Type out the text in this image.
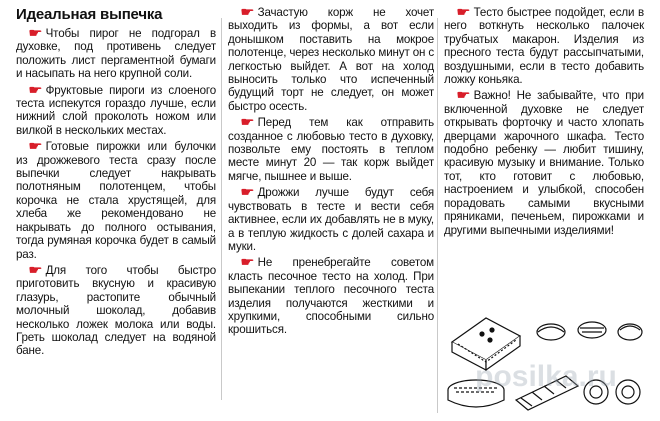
Идеальная выпечка

☛ Чтобы пирог не подгорал в духовке, под противень следует положить лист пергаментной бумаги и насыпать на него крупной соли.

☛ Фруктовые пироги из слоеного теста испекутся гораздо лучше, если нижний слой проколоть ножом или вилкой в нескольких местах.

☛ Готовые пирожки или булочки из дрожжевого теста сразу после выпечки следует накрывать полотняным полотенцем, чтобы корочка не стала хрустящей, для хлеба же рекомендовано не накрывать до полного остывания, тогда румяная корочка будет в самый раз.

☛ Для того чтобы быстро приготовить вкусную и красивую глазурь, растопите обычный молочный шоколад, добавив несколько ложек молока или воды. Греть шоколад следует на водяной бане.

☛ Зачастую корж не хочет выходить из формы, а вот если донышком поставить на мокрое полотенце, через несколько минут он с легкостью выйдет. А вот на холод выносить только что испеченный будущий торт не следует, он может быстро осесть.

☛ Перед тем как отправить созданное с любовью тесто в духовку, позвольте ему постоять в теплом месте минут 20 — так корж выйдет мягче, пышнее и выше.

☛ Дрожжи лучше будут себя чувствовать в тесте и вести себя активнее, если их добавлять не в муку, а в теплую жидкость с долей сахара и муки.

☛ Не пренебрегайте советом класть песочное тесто на холод. При выпекании теплого песочного теста изделия получаются жесткими и хрупкими, способными сильно крошиться.

☛ Тесто быстрее подойдет, если в него воткнуть несколько палочек трубчатых макарон. Изделия из пресного теста будут рассыпчатыми, воздушными, если в тесто добавить ложку коньяка.

☛ Важно! Не забывайте, что при включенной духовке не следует открывать форточку и часто хлопать дверцами жарочного шкафа. Тесто подобно ребенку — любит тишину, красивую музыку и внимание. Только тот, кто готовит с любовью, настроением и улыбкой, способен порадовать самыми вкусными пряниками, печеньем, пирожками и другими выпечными изделиями!

posilka.ru
